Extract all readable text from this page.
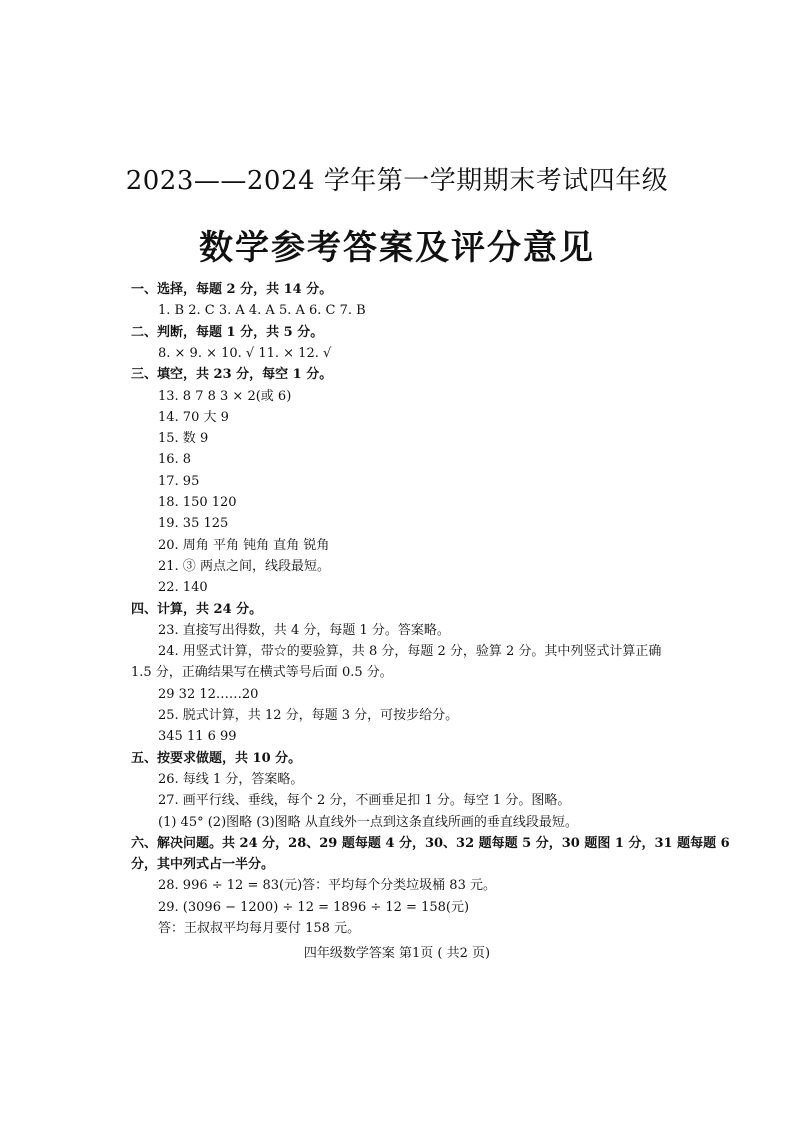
2023——2024 学年第一学期期末考试四年级
数学参考答案及评分意见
一、选择，每题 2 分，共 14 分。
1. B 2. C 3. A 4. A 5. A 6. C 7. B
二、判断，每题 1 分，共 5 分。
8. × 9. × 10. √ 11. × 12. √
三、填空，共 23 分，每空 1 分。
13. 8 7 8 3 × 2(或 6)
14. 70 大 9
15. 数 9
16. 8
17. 95
18. 150 120
19. 35 125
20. 周角 平角 钝角 直角 锐角
21. ③ 两点之间，线段最短。
22. 140
四、计算，共 24 分。
23. 直接写出得数，共 4 分，每题 1 分。答案略。
24. 用竖式计算，带☆的要验算，共 8 分，每题 2 分，验算 2 分。其中列竖式计算正确
1.5 分，正确结果写在横式等号后面 0.5 分。
29 32 12……20
25. 脱式计算，共 12 分，每题 3 分，可按步给分。
345 11 6 99
五、按要求做题，共 10 分。
26. 每线 1 分，答案略。
27. 画平行线、垂线，每个 2 分，不画垂足扣 1 分。每空 1 分。图略。
(1) 45° (2)图略 (3)图略 从直线外一点到这条直线所画的垂直线段最短。
六、解决问题。共 24 分，28、29 题每题 4 分，30、32 题每题 5 分，30 题图 1 分，31 题每题 6
分，其中列式占一半分。
28. 996 ÷ 12 = 83(元)答：平均每个分类垃圾桶 83 元。
29. (3096 − 1200) ÷ 12 = 1896 ÷ 12 = 158(元)
答：王叔叔平均每月要付 158 元。
四年级数学答案 第1页 ( 共2 页)
